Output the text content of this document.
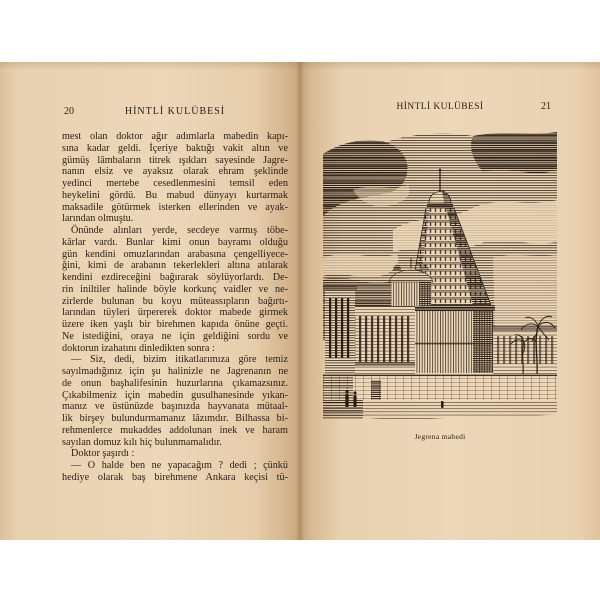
20	HİNTLİ KULÜBESİ
mest olan doktor ağır adımlarla mabedin kapı-
sına kadar geldi. İçeriye baktığı vakit altın ve
gümüş lâmbaların titrek ışıkları sayesinde Jagre-
nanın elsiz ve ayaksız olarak ehram şeklinde
yedinci mertebe cesedlenmesini temsil eden
heykelini gördü. Bu mabud dünyayı kurtarmak
maksadile götürmek isterken ellerinden ve ayak-
larından olmuştu.
Önünde alınları yerde, secdeye varmış töbe-
kârlar vardı. Bunlar kimi onun bayramı olduğu
gün kendini omuzlarından arabasına çengelliyece-
ğini, kimi de arabanın tekerlekleri altına atılarak
kendini ezdireceğini bağırarak söylüyorlardı. De-
rin iniltiler halinde böyle korkunç vaidler ve ne-
zirlerde bulunan bu koyu müteassıpların bağırtı-
larından tüyleri ürpererek doktor mabede girmek
üzere iken yaşlı bir birehmen kapıda önüne geçti.
Ne istediğini, oraya ne için geldiğini sordu ve
doktorun izahatını dinledikten sonra :
— Siz, dedi, bizim itikatlarımıza göre temiz
sayılmadığınız için şu halinizle ne Jagrenanın ne
de onun başhalifesinin huzurlarına çıkamazsınız.
Çıkabilmeniz için mabedin gusulhanesinde yıkan-
manız ve üstünüzde başınızda hayvanata mütaal-
lik birşey bulundurmamanız lâzımdır. Bilhassa bi-
rehmenlerce mukaddes addolunan inek ve haram
sayılan domuz kılı hiç bulunmamalıdır.
Doktor şaşırdı :
— O halde ben ne yapacağım ? dedi ; çünkü
hediye olarak baş birehmene Ankara keçisi tü-
HİNTLİ KULÜBESİ	21
Jegrena mabedi
